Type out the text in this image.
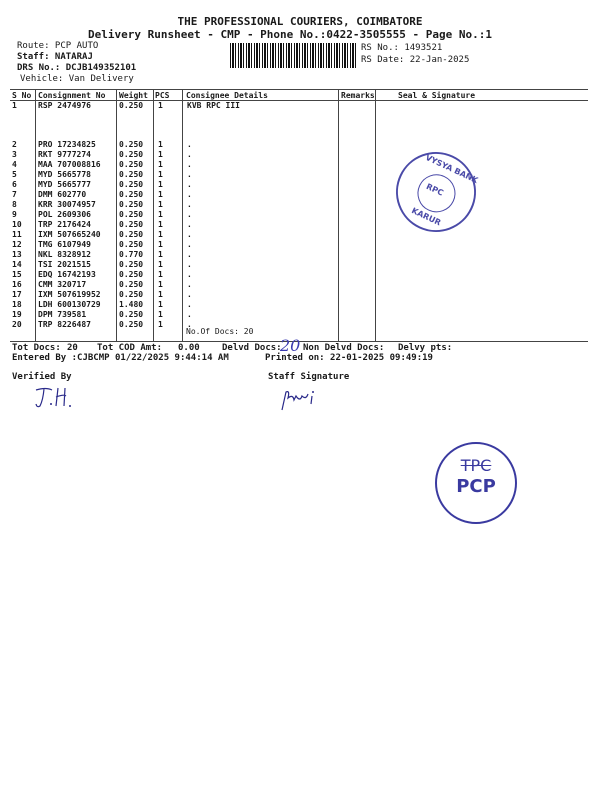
THE PROFESSIONAL COURIERS, COIMBATORE
Delivery Runsheet - CMP - Phone No.:0422-3505555 - Page No.:1
Route: PCP AUTO
Staff: NATARAJ
DRS No.: DCJB149352101
Vehicle: Van Delivery
RS No.: 1493521
RS Date: 22-Jan-2025
S No Consignment No Weight PCS Consignee Details	Remarks	Seal & Signature
1	RSP 2474976	0.250 1	KVB RPC III
2	PRO 17234825	0.250 1	.
3	RKT 9777274	0.250 1	.
4	MAA 707008816 0.250 1	.
5	MYD 5665778	0.250 1	.
6	MYD 5665777	0.250 1	.
7	DMM 602770	0.250 1	.
8	KRR 30074957	0.250 1	.
9	POL 2609306	0.250 1	.
10 TRP 2176424	0.250 1	.
11 IXM 507665240 0.250 1	.
12 TMG 6107949	0.250 1	.
13 NKL 8328912	0.770 1	.
14 TSI 2021515	0.250 1	.
15 EDQ 16742193	0.250 1	.
16 CMM 320717	0.250 1	.
17 IXM 507619952 0.250 1	.
18 LDH 600130729 1.480 1	.
19 DPM 739581	0.250 1	.
20 TRP 8226487	0.250 1	.
No.Of Docs: 20
VYSYA BANK
KARUR
RPC
Tot Docs: 20 Tot COD Amt: 0.00 Delvd Docs:
20 Non Delvd Docs: Delvy pts:
Entered By :CJBCMP 01/22/2025 9:44:14 AM	Printed on: 22-01-2025 09:49:19
Verified By	Staff Signature
TPC
PCP
